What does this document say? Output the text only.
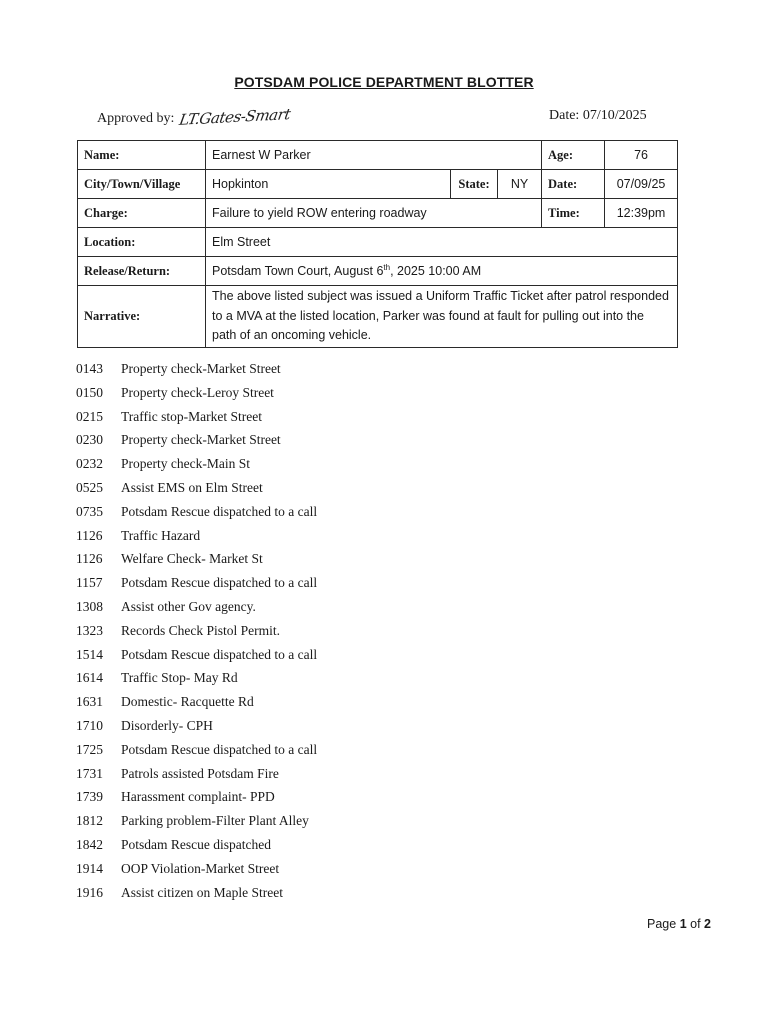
POTSDAM POLICE DEPARTMENT BLOTTER
Approved by: LT.Gates-Smart	Date: 07/10/2025
Name:	Earnest W Parker			Age:	76
City/Town/Village	Hopkinton	State:	NY	Date:	07/09/25
Charge:	Failure to yield ROW entering roadway			Time:	12:39pm
Location:	Elm Street				
Release/Return:	Potsdam Town Court, August 6th, 2025 10:00 AM				
Narrative:	The above listed subject was issued a Uniform Traffic Ticket after patrol responded to a MVA at the listed location, Parker was found at fault for pulling out into the path of an oncoming vehicle.				
0143 Property check-Market Street
0150 Property check-Leroy Street
0215 Traffic stop-Market Street
0230 Property check-Market Street
0232 Property check-Main St
0525 Assist EMS on Elm Street
0735 Potsdam Rescue dispatched to a call
1126 Traffic Hazard
1126 Welfare Check- Market St
1157 Potsdam Rescue dispatched to a call
1308 Assist other Gov agency.
1323 Records Check Pistol Permit.
1514 Potsdam Rescue dispatched to a call
1614 Traffic Stop- May Rd
1631 Domestic- Racquette Rd
1710 Disorderly- CPH
1725 Potsdam Rescue dispatched to a call
1731 Patrols assisted Potsdam Fire
1739 Harassment complaint- PPD
1812 Parking problem-Filter Plant Alley
1842 Potsdam Rescue dispatched
1914 OOP Violation-Market Street
1916 Assist citizen on Maple Street
Page 1 of 2
